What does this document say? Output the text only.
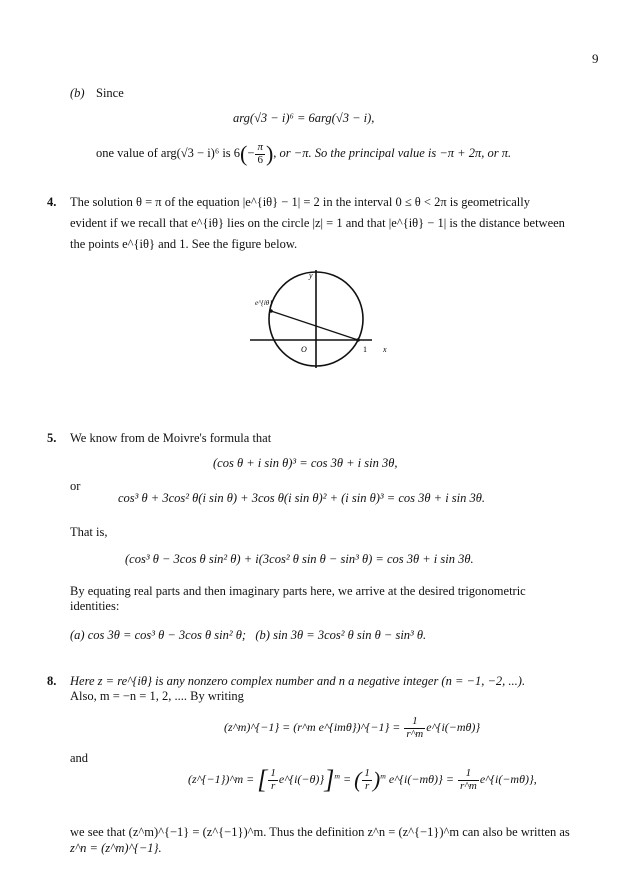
9
(b) Since
arg(√3 − i)⁶ = 6arg(√3 − i),
one value of arg(√3 − i)⁶ is $6(- \frac{\pi}{6}$ ), or −π. So the principal value is −π + 2π, or π.
4. The solution θ = π of the equation |e^{iθ} − 1| = 2 in the interval 0 ≤ θ < 2π is geometrically
evident if we recall that e^{iθ} lies on the circle |z| = 1 and that |e^{iθ} − 1| is the distance between
the points e^{iθ} and 1. See the figure below.
y
x
O	1
e^{iθ}
5. We know from de Moivre's formula that
(cos θ + i sin θ)³ = cos 3θ + i sin 3θ,
or
cos³ θ + 3cos² θ(i sin θ) + 3cos θ(i sin θ)² + (i sin θ)³ = cos 3θ + i sin 3θ.
That is,
(cos³ θ − 3cos θ sin² θ) + i(3cos² θ sin θ − sin³ θ) = cos 3θ + i sin 3θ.
By equating real parts and then imaginary parts here, we arrive at the desired trigonometric
identities:
(a) cos 3θ = cos³ θ − 3cos θ sin² θ; (b) sin 3θ = 3cos² θ sin θ − sin³ θ.
8. Here z = re^{iθ} is any nonzero complex number and n a negative integer (n = −1, −2, ...).
Also, m = −n = 1, 2, .... By writing
(z^m)^{−1} = (r^m e^{imθ})^{−1} = $\frac{1}{r\^{}m}$ e^{i(−mθ)}
and
(z^{−1})^m = [ $\frac{1}{r}$ e^{i(−θ)}]$^m$ = ( $\frac{1}{r} )^m$ e^{i(−mθ)} = $\frac{1}{r\^{}m}$ e^{i(−mθ)},
we see that (z^m)^{−1} = (z^{−1})^m. Thus the definition z^n = (z^{−1})^m can also be written as
z^n = (z^m)^{−1}.
